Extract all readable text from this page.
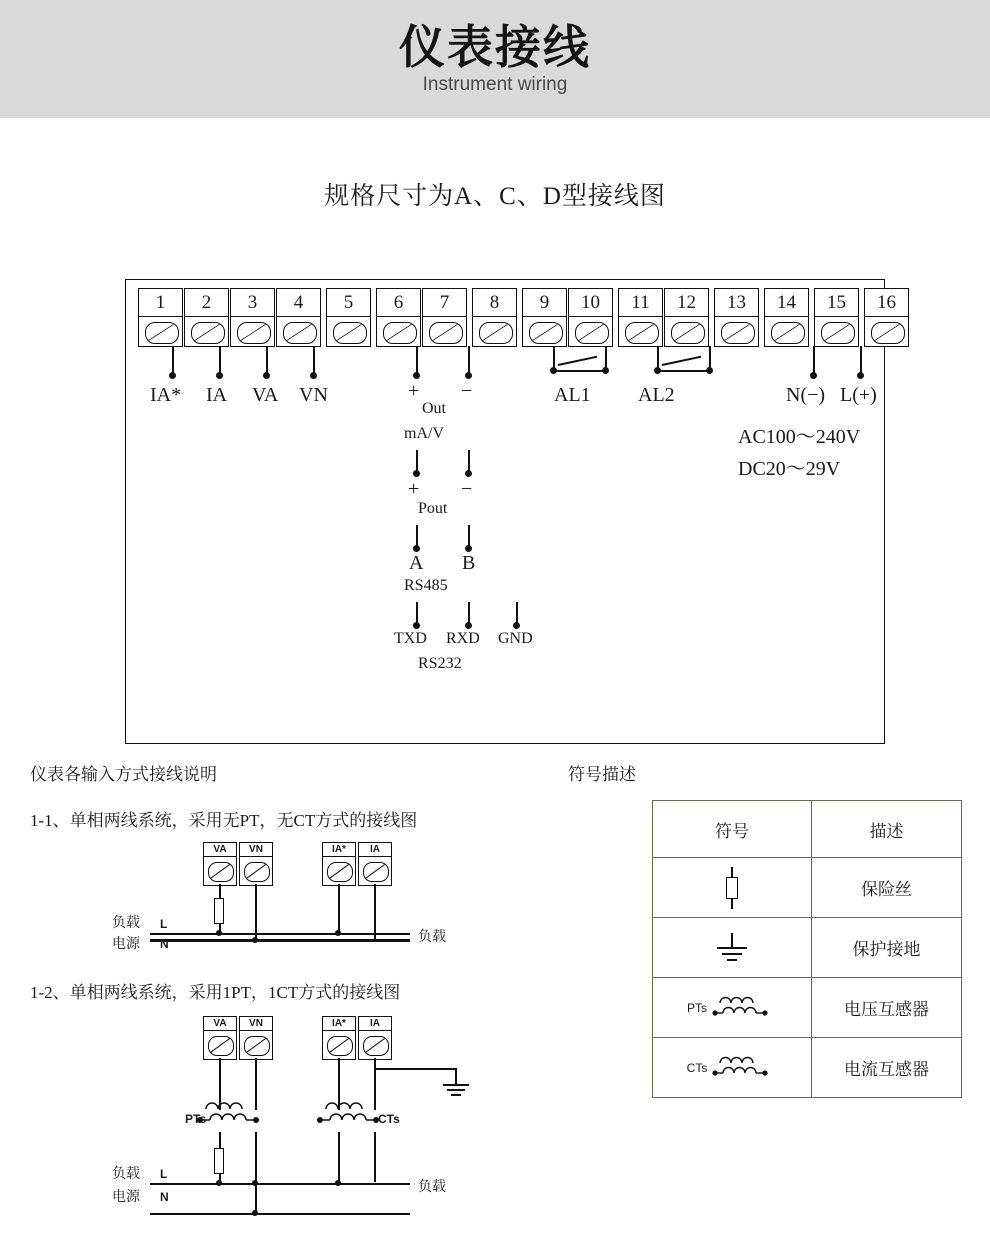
仪表接线
Instrument wiring
规格尺寸为A、C、D型接线图
1	2	3	4	5	6	7	8	9	10	11	12	13	14	15	16
IA* IA VA VN	+ −
Out
mA/V
+ −
Pout
A B
RS485
TXD RXD GND
RS232
AL1 AL2	N(−) L(+)
AC100～240V
DC20～29V
仪表各输入方式接线说明	符号描述
1-1、单相两线系统，采用无PT，无CT方式的接线图
VA	VN	IA*	IA
负载 L
电源 N	负载
1-2、单相两线系统，采用1PT，1CT方式的接线图
VA	VN	IA*	IA
PTs	CTs
负载 L
电源 N
负载
符号	描述

	保险丝

	保护接地

PTs	电压互感器

CTs	电流互感器
